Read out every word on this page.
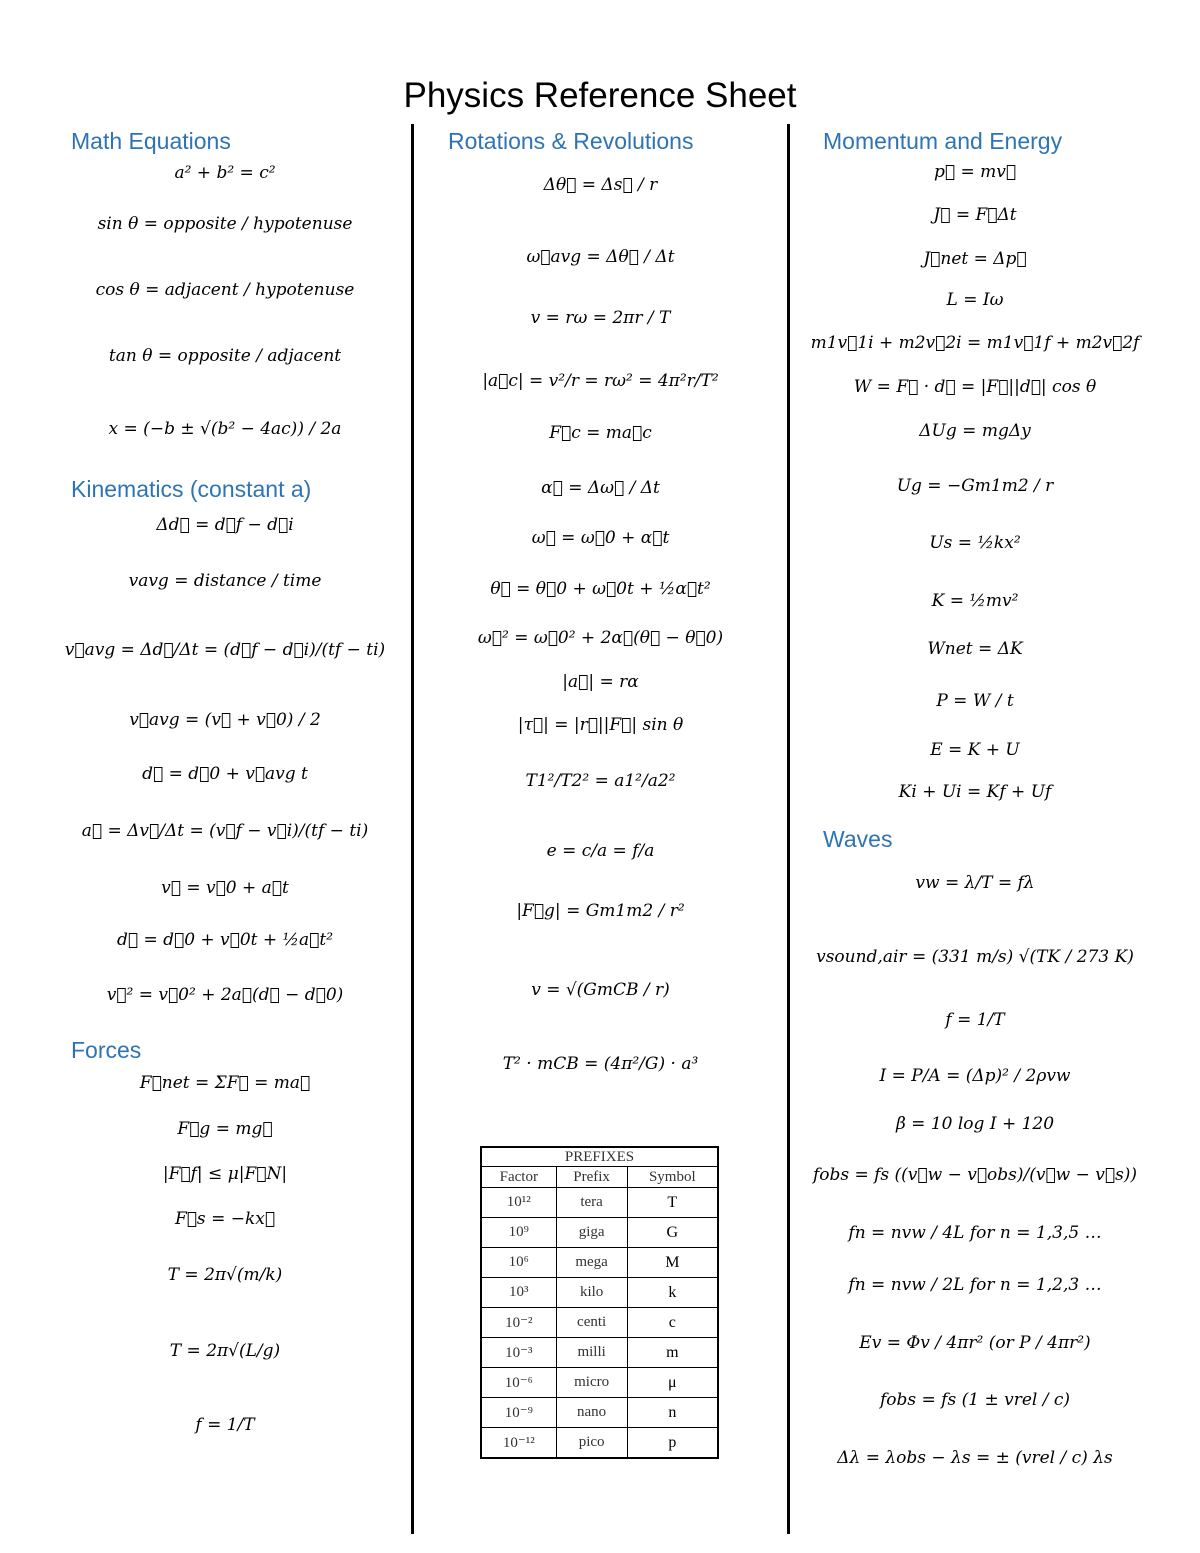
Physics Reference Sheet
Math Equations
a² + b² = c²
sin θ = opposite / hypotenuse
cos θ = adjacent / hypotenuse
tan θ = opposite / adjacent
x = (−b ± √(b² − 4ac)) / 2a
Kinematics (constant a)
Δd⃗ = d⃗f − d⃗i
vavg = distance / time
v⃗avg = Δd⃗/Δt = (d⃗f − d⃗i)/(tf − ti)
v⃗avg = (v⃗ + v⃗0) / 2
d⃗ = d⃗0 + v⃗avg t
a⃗ = Δv⃗/Δt = (v⃗f − v⃗i)/(tf − ti)
v⃗ = v⃗0 + a⃗t
d⃗ = d⃗0 + v⃗0t + ½a⃗t²
v⃗² = v⃗0² + 2a⃗(d⃗ − d⃗0)
Forces
F⃗net = ΣF⃗ = ma⃗
F⃗g = mg⃗
|F⃗f| ≤ μ|F⃗N|
F⃗s = −kx⃗
T = 2π√(m/k)
T = 2π√(L/g)
f = 1/T
Rotations & Revolutions
Δθ⃗ = Δs⃗ / r
ω⃗avg = Δθ⃗ / Δt
v = rω = 2πr / T
|a⃗c| = v²/r = rω² = 4π²r/T²
F⃗c = ma⃗c
α⃗ = Δω⃗ / Δt
ω⃗ = ω⃗0 + α⃗t
θ⃗ = θ⃗0 + ω⃗0t + ½α⃗t²
ω⃗² = ω⃗0² + 2α⃗(θ⃗ − θ⃗0)
|a⃗| = rα
|τ⃗| = |r⃗||F⃗| sin θ
T1²/T2² = a1²/a2²
e = c/a = f/a
|F⃗g| = Gm1m2 / r²
v = √(GmCB / r)
T² · mCB = (4π²/G) · a³
PREFIXES		
Factor	Prefix	Symbol
10¹²	tera	T
10⁹	giga	G
10⁶	mega	M
10³	kilo	k
10⁻²	centi	c
10⁻³	milli	m
10⁻⁶	micro	μ
10⁻⁹	nano	n
10⁻¹²	pico	p
Momentum and Energy
p⃗ = mv⃗
J⃗ = F⃗Δt
J⃗net = Δp⃗
L = Iω
m1v⃗1i + m2v⃗2i = m1v⃗1f + m2v⃗2f
W = F⃗ · d⃗ = |F⃗||d⃗| cos θ
ΔUg = mgΔy
Ug = −Gm1m2 / r
Us = ½kx²
K = ½mv²
Wnet = ΔK
P = W / t
E = K + U
Ki + Ui = Kf + Uf
Waves
vw = λ/T = fλ
vsound,air = (331 m/s) √(TK / 273 K)
f = 1/T
I = P/A = (Δp)² / 2ρvw
β = 10 log I + 120
fobs = fs ((v⃗w − v⃗obs)/(v⃗w − v⃗s))
fn = nvw / 4L for n = 1,3,5 …
fn = nvw / 2L for n = 1,2,3 …
Ev = Φv / 4πr² (or P / 4πr²)
fobs = fs (1 ± vrel / c)
Δλ = λobs − λs = ± (vrel / c) λs
